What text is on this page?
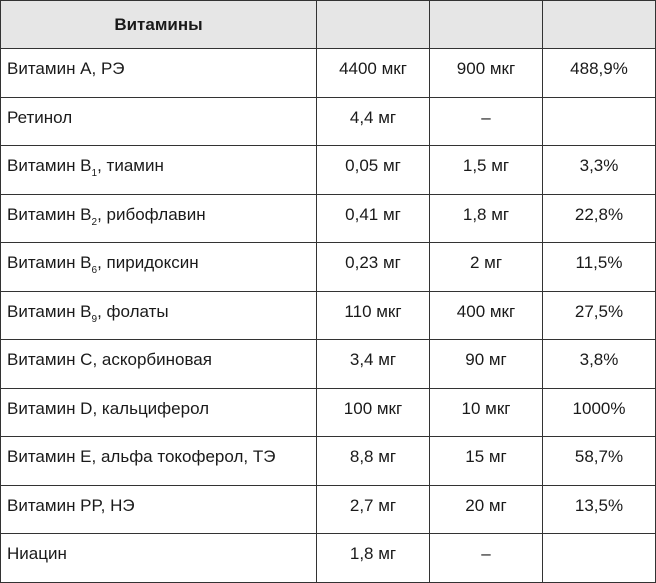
Витамины			
Витамин A, РЭ	4400 мкг	900 мкг	488,9%
Ретинол	4,4 мг	–	
Витамин $B_1$, тиамин	0,05 мг	1,5 мг	3,3%
Витамин $B_2$, рибофлавин	0,41 мг	1,8 мг	22,8%
Витамин $B_6$, пиридоксин	0,23 мг	2 мг	11,5%
Витамин $B_9$, фолаты	110 мкг	400 мкг	27,5%
Витамин C, аскорбиновая	3,4 мг	90 мг	3,8%
Витамин D, кальциферол	100 мкг	10 мкг	1000%
Витамин E, альфа токоферол, ТЭ	8,8 мг	15 мг	58,7%
Витамин PP, НЭ	2,7 мг	20 мг	13,5%
Ниацин	1,8 мг	–	
